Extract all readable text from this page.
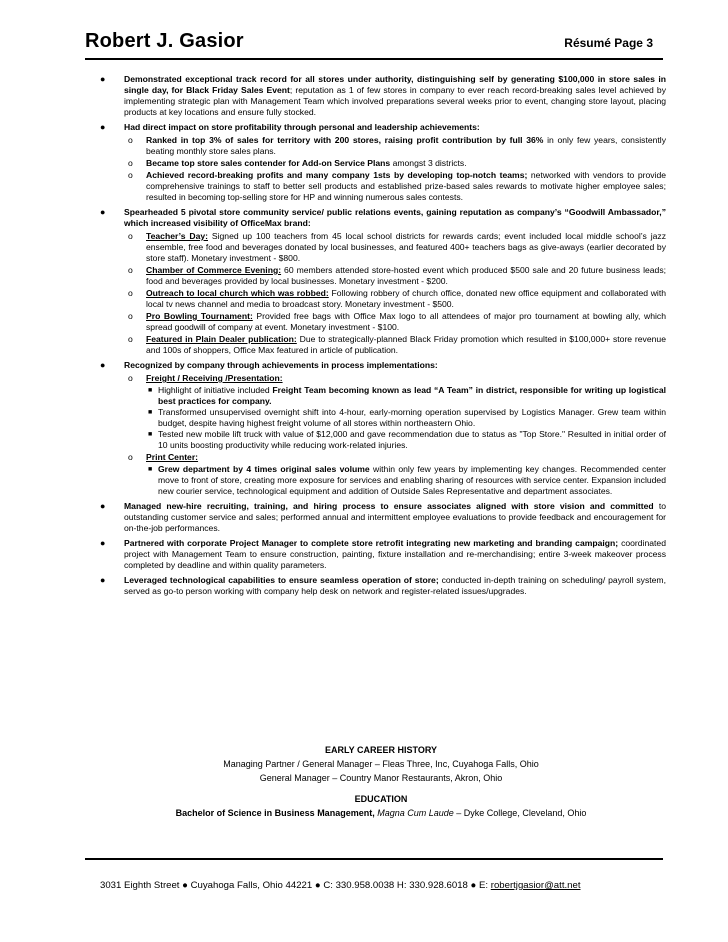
Robert J. Gasior	Résumé Page 3
● Demonstrated exceptional track record for all stores under authority, distinguishing self by generating $100,000 in store sales in single day, for Black Friday Sales Event; reputation as 1 of few stores in company to ever reach record-breaking sales level achieved by implementing strategic plan with Management Team which involved preparations several weeks prior to event, changing store layout, placing products at key locations and ensure fully stocked.
● Had direct impact on store profitability through personal and leadership achievements:
o Ranked in top 3% of sales for territory with 200 stores, raising profit contribution by full 36% in only few years, consistently beating monthly store sales plans.
o Became top store sales contender for Add-on Service Plans amongst 3 districts.
o Achieved record-breaking profits and many company 1sts by developing top-notch teams; networked with vendors to provide comprehensive trainings to staff to better sell products and established prize-based sales rewards to motivate higher employee sales; resulted in becoming top-selling store for HP and winning numerous sales contests.
● Spearheaded 5 pivotal store community service/ public relations events, gaining reputation as company’s “Goodwill Ambassador,” which increased visibility of OfficeMax brand:
o Teacher’s Day: Signed up 100 teachers from 45 local school districts for rewards cards; event included local middle school’s jazz ensemble, free food and beverages donated by local businesses, and featured 400+ teachers bags as give-aways (earlier decorated by store staff). Monetary investment - $800.
o Chamber of Commerce Evening: 60 members attended store-hosted event which produced $500 sale and 20 future business leads; food and beverages provided by local businesses. Monetary investment - $200.
o Outreach to local church which was robbed: Following robbery of church office, donated new office equipment and collaborated with local tv news channel and media to broadcast story. Monetary investment - $500.
o Pro Bowling Tournament: Provided free bags with Office Max logo to all attendees of major pro tournament at bowling ally, which spread goodwill of company at event. Monetary investment - $100.
o Featured in Plain Dealer publication: Due to strategically-planned Black Friday promotion which resulted in $100,000+ store revenue and 100s of shoppers, Office Max featured in article of publication.
● Recognized by company through achievements in process implementations:
o Freight / Receiving /Presentation:
■ Highlight of initiative included Freight Team becoming known as lead “A Team” in district, responsible for writing up logistical best practices for company.
■ Transformed unsupervised overnight shift into 4-hour, early-morning operation supervised by Logistics Manager. Grew team within budget, despite having highest freight volume of all stores within northeastern Ohio.
■ Tested new mobile lift truck with value of $12,000 and gave recommendation due to status as "Top Store." Resulted in initial order of 10 units boosting productivity while reducing work-related injuries.
o Print Center:
■ Grew department by 4 times original sales volume within only few years by implementing key changes. Recommended center move to front of store, creating more exposure for services and enabling sharing of resources with service center. Expansion included new courier service, technological equipment and addition of Outside Sales Representative and department associates.
● Managed new-hire recruiting, training, and hiring process to ensure associates aligned with store vision and committed to outstanding customer service and sales; performed annual and intermittent employee evaluations to provide feedback and encouragement for on-the-job performances.
● Partnered with corporate Project Manager to complete store retrofit integrating new marketing and branding campaign; coordinated project with Management Team to ensure construction, painting, fixture installation and re-merchandising; entire 3-week makeover process completed by deadline and within quality parameters.
● Leveraged technological capabilities to ensure seamless operation of store; conducted in-depth training on scheduling/ payroll system, served as go-to person working with company help desk on network and register-related issues/upgrades.
EARLY CAREER HISTORY
Managing Partner / General Manager – Fleas Three, Inc, Cuyahoga Falls, Ohio
General Manager – Country Manor Restaurants, Akron, Ohio
EDUCATION
Bachelor of Science in Business Management, Magna Cum Laude – Dyke College, Cleveland, Ohio
3031 Eighth Street ● Cuyahoga Falls, Ohio 44221 ● C: 330.958.0038 H: 330.928.6018 ● E: robertjgasior@att.net
